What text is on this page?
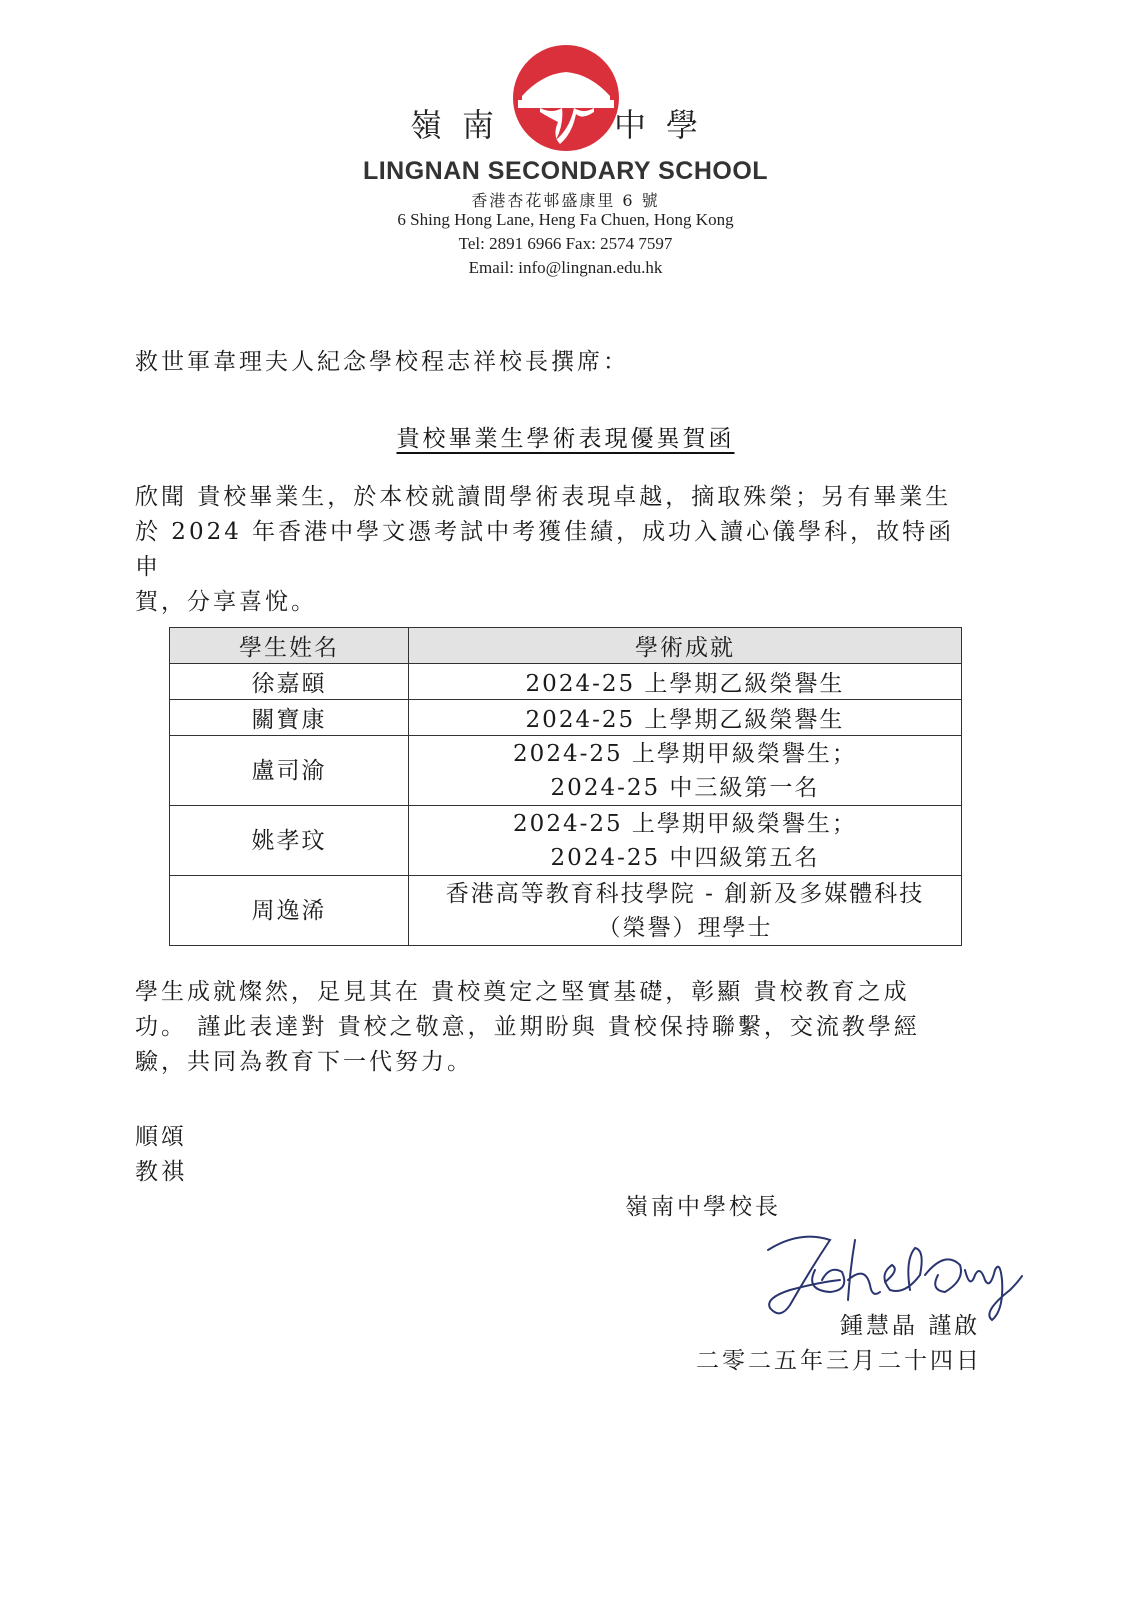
嶺 南	中 學
LINGNAN SECONDARY SCHOOL
香港杏花邨盛康里 6 號
6 Shing Hong Lane, Heng Fa Chuen, Hong Kong
Tel: 2891 6966 Fax: 2574 7597
Email: info@lingnan.edu.hk
救世軍韋理夫人紀念學校程志祥校長撰席：
貴校畢業生學術表現優異賀函
欣聞 貴校畢業生，於本校就讀間學術表現卓越，摘取殊榮；另有畢業生
於 2024 年香港中學文憑考試中考獲佳績，成功入讀心儀學科，故特函申
賀，分享喜悅。
學生姓名	學術成就
徐嘉頤	2024-25 上學期乙級榮譽生

關寶康	2024-25 上學期乙級榮譽生

盧司渝	2024-25 上學期甲級榮譽生；
2024-25 中三級第一名

姚孝玟	2024-25 上學期甲級榮譽生；
2024-25 中四級第五名

周逸浠	香港高等教育科技學院 - 創新及多媒體科技
（榮譽）理學士
學生成就燦然，足見其在 貴校奠定之堅實基礎，彰顯 貴校教育之成
功。 謹此表達對 貴校之敬意，並期盼與 貴校保持聯繫，交流教學經
驗，共同為教育下一代努力。
順頌
教祺
嶺南中學校長
鍾慧晶 謹啟
二零二五年三月二十四日
